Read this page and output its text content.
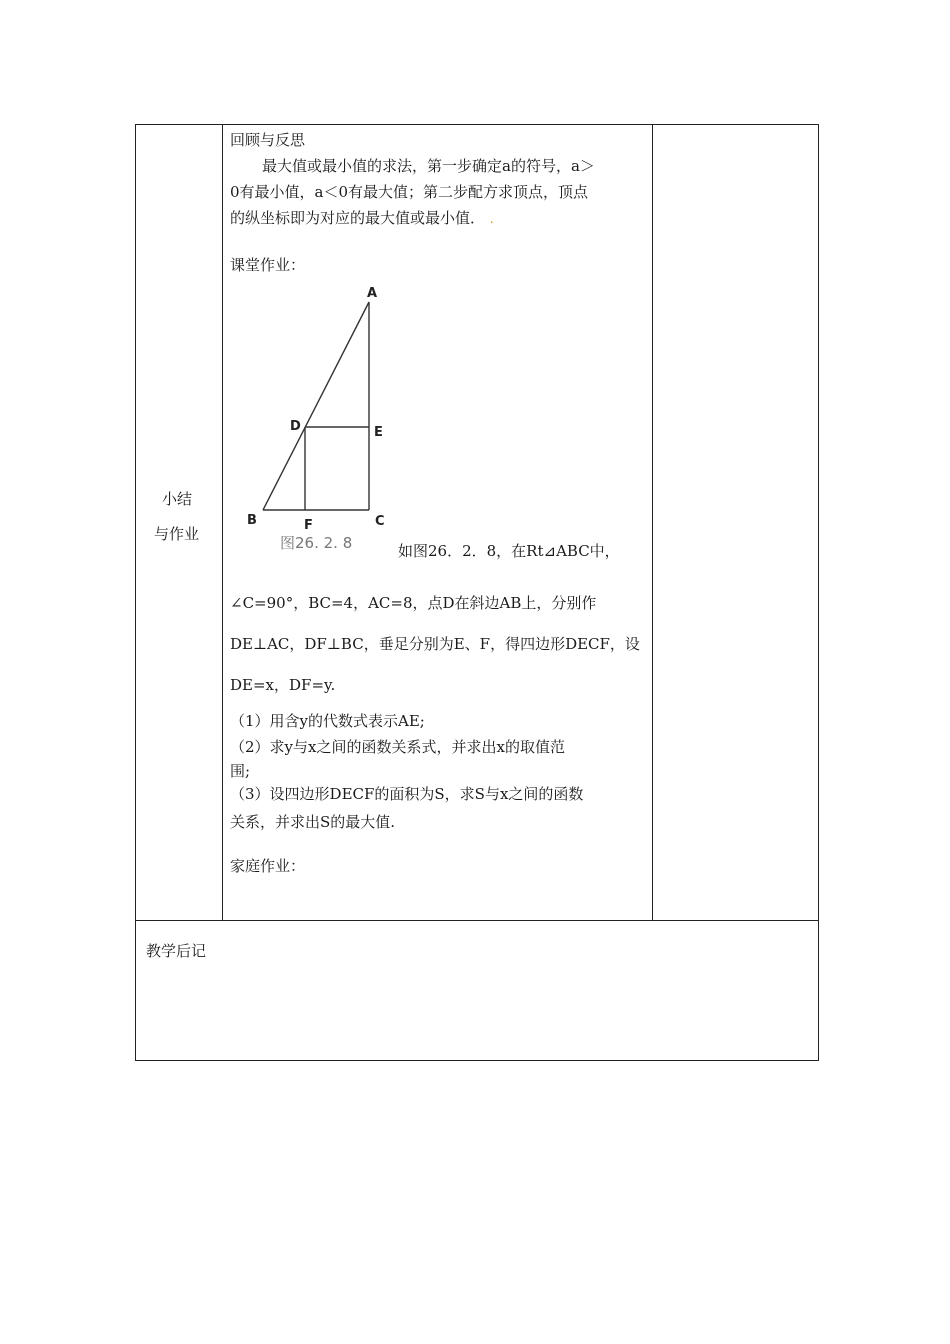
小结
与作业
回顾与反思
最大值或最小值的求法，第一步确定a的符号，a＞
0有最小值，a＜0有最大值；第二步配方求顶点，顶点
的纵坐标即为对应的最大值或最小值． .
课堂作业：
A
D	E
B	F	C
图26. 2. 8	如图26．2．8，在Rt⊿ABC中，
∠C=90°，BC=4，AC=8，点D在斜边AB上，分别作
DE⊥AC，DF⊥BC，垂足分别为E、F，得四边形DECF，设
DE=x，DF=y.
（1）用含y的代数式表示AE;
（2）求y与x之间的函数关系式，并求出x的取值范
围;
（3）设四边形DECF的面积为S，求S与x之间的函数
关系，并求出S的最大值.
家庭作业：
教学后记
